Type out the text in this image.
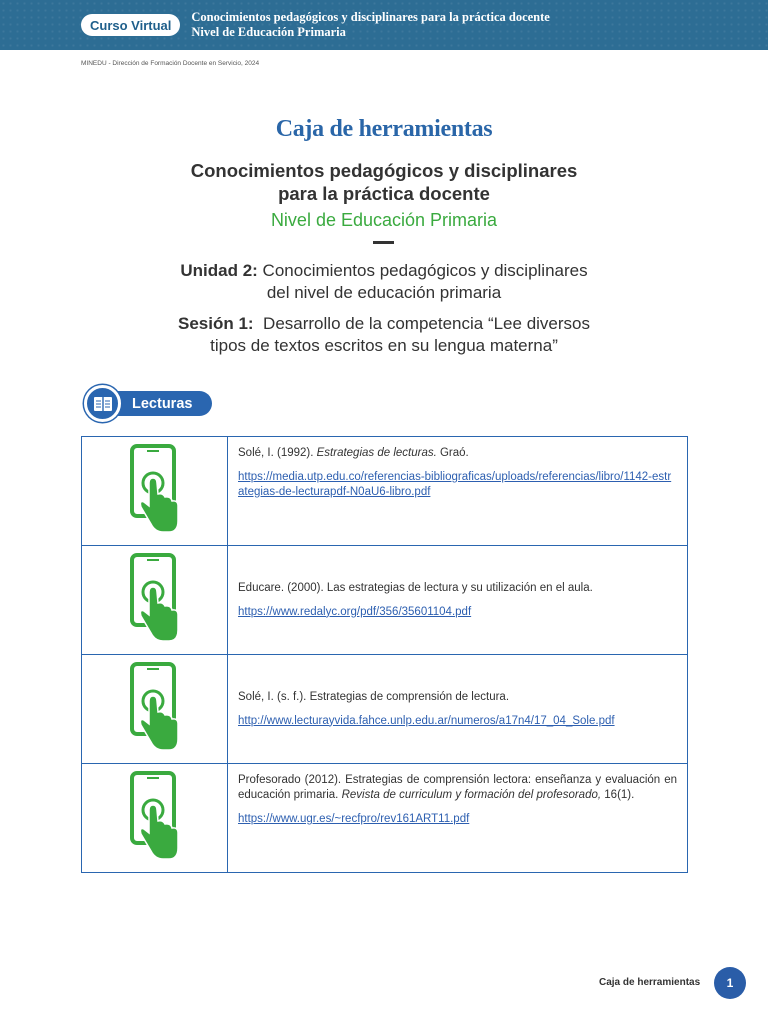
Curso Virtual
Conocimientos pedagógicos y disciplinares para la práctica docente
Nivel de Educación Primaria
MINEDU - Dirección de Formación Docente en Servicio, 2024
Caja de herramientas
Conocimientos pedagógicos y disciplinares
para la práctica docente
Nivel de Educación Primaria
Unidad 2: Conocimientos pedagógicos y disciplinares
del nivel de educación primaria
Sesión 1: Desarrollo de la competencia “Lee diversos
tipos de textos escritos en su lengua materna”
Lecturas

Solé, I. (1992). Estrategias de lecturas. Graó.
https://media.utp.edu.co/referencias-bibliograficas/uploads/referencias/libro/1142-estrategias-de-lecturapdf-N0aU6-libro.pdf

Educare. (2000). Las estrategias de lectura y su utilización en el aula.
https://www.redalyc.org/pdf/356/35601104.pdf

Solé, I. (s. f.). Estrategias de comprensión de lectura.
http://www.lecturayvida.fahce.unlp.edu.ar/numeros/a17n4/17_04_Sole.pdf

Profesorado (2012). Estrategias de comprensión lectora: enseñanza y evaluación en educación primaria. Revista de curriculum y formación del profesorado, 16(1).
https://www.ugr.es/~recfpro/rev161ART11.pdf
Caja de herramientas	1
